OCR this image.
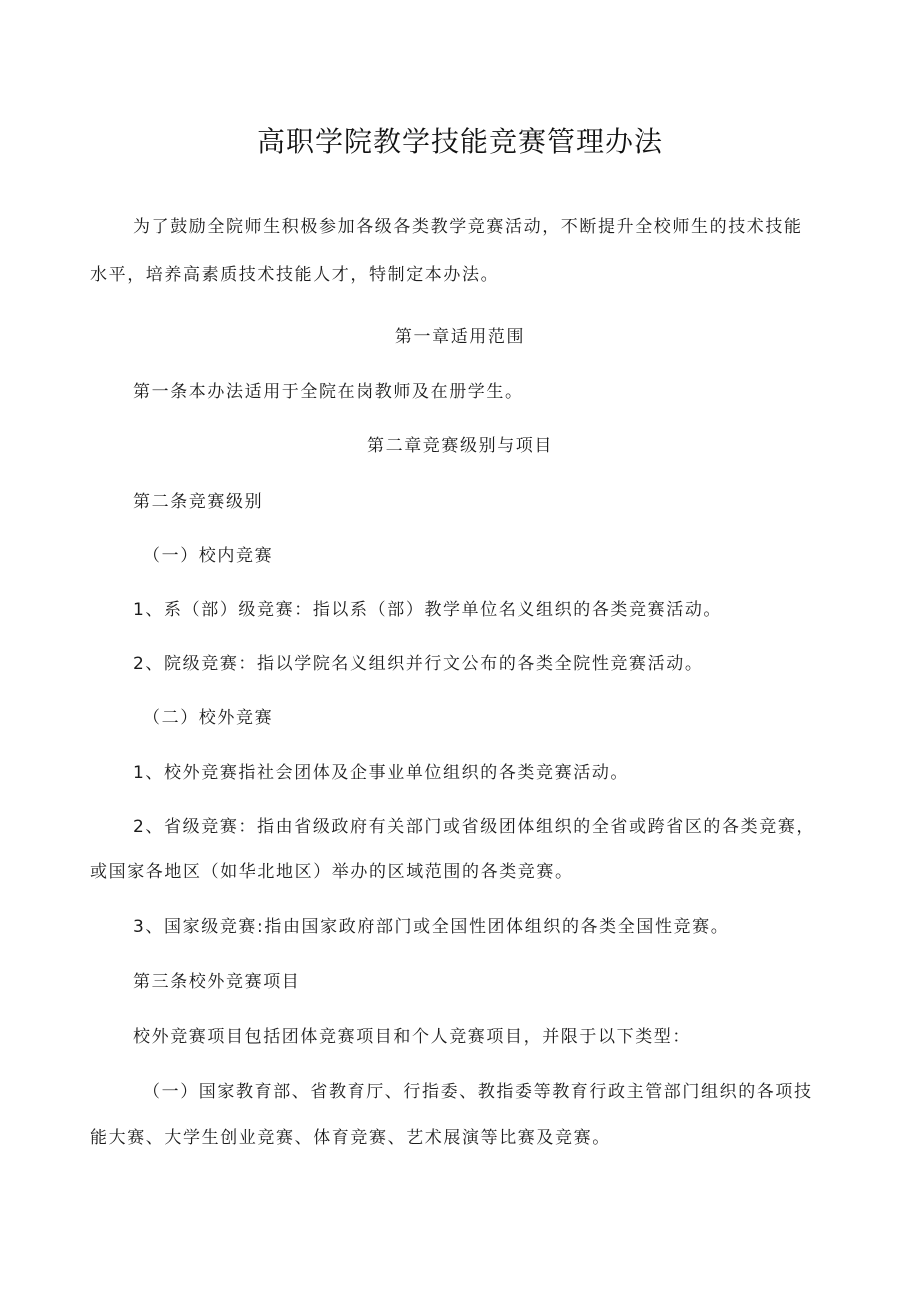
高职学院教学技能竞赛管理办法
为了鼓励全院师生积极参加各级各类教学竞赛活动，不断提升全校师生的技术技能
水平，培养高素质技术技能人才，特制定本办法。
第一章适用范围
第一条本办法适用于全院在岗教师及在册学生。
第二章竞赛级别与项目
第二条竞赛级别
（一）校内竞赛
1、系（部）级竞赛：指以系（部）教学单位名义组织的各类竞赛活动。
2、院级竞赛：指以学院名义组织并行文公布的各类全院性竞赛活动。
（二）校外竞赛
1、校外竞赛指社会团体及企事业单位组织的各类竞赛活动。
2、省级竞赛：指由省级政府有关部门或省级团体组织的全省或跨省区的各类竞赛，
或国家各地区（如华北地区）举办的区域范围的各类竞赛。
3、国家级竞赛:指由国家政府部门或全国性团体组织的各类全国性竞赛。
第三条校外竞赛项目
校外竞赛项目包括团体竞赛项目和个人竞赛项目，并限于以下类型：
（一）国家教育部、省教育厅、行指委、教指委等教育行政主管部门组织的各项技
能大赛、大学生创业竞赛、体育竞赛、艺术展演等比赛及竞赛。
